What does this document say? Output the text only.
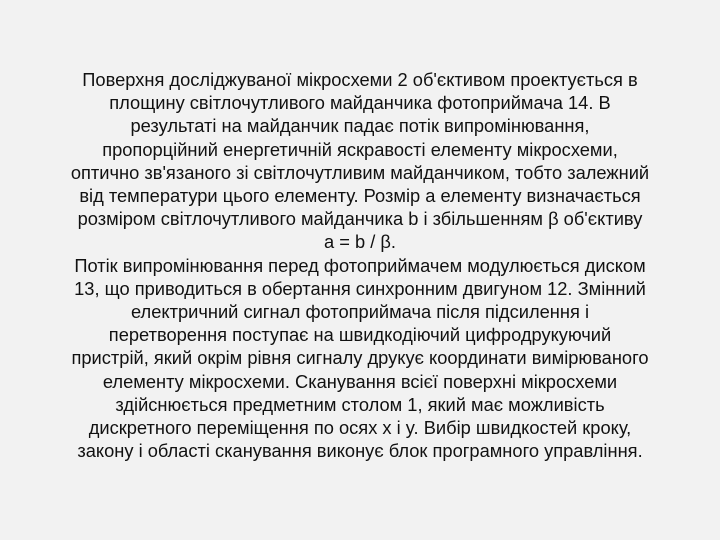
Поверхня досліджуваної мікросхеми 2 об'єктивом проектується в
площину світлочутливого майданчика фотоприймача 14. В
результаті на майданчик падає потік випромінювання,
пропорційний енергетичній яскравості елементу мікросхеми,
оптично зв'язаного зі світлочутливим майданчиком, тобто залежний
від температури цього елементу. Розмір a елементу визначається
розміром світлочутливого майданчика b і збільшенням β об'єктиву
a = b / β.
Потік випромінювання перед фотоприймачем модулюється диском
13, що приводиться в обертання синхронним двигуном 12. Змінний
електричний сигнал фотоприймача після підсилення і
перетворення поступає на швидкодіючий цифродрукуючий
пристрій, який окрім рівня сигналу друкує координати вимірюваного
елементу мікросхеми. Сканування всієї поверхні мікросхеми
здійснюється предметним столом 1, який має можливість
дискретного переміщення по осях x і y. Вибір швидкостей кроку,
закону і області сканування виконує блок програмного управління.
